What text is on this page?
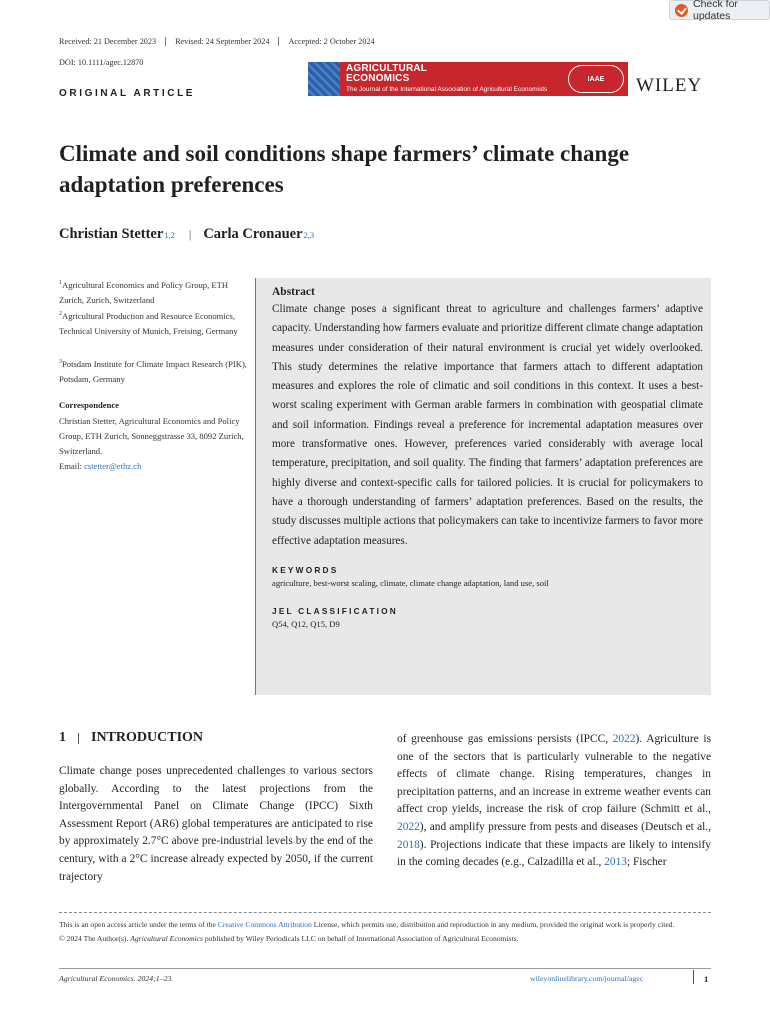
Check for updates
Received: 21 December 2023	Revised: 24 September 2024	Accepted: 2 October 2024
DOI: 10.1111/agec.12870
AGRICULTURAL
ECONOMICS
The Journal of the International Association of Agricultural Economists
IAAE	WILEY
ORIGINAL ARTICLE
Climate and soil conditions shape farmers’ climate change adaptation preferences
Christian Stetter 1,2 | Carla Cronauer 2,3
$^1$Agricultural Economics and Policy Group, ETH Zurich, Zurich, Switzerland
$^2$Agricultural Production and Resource Economics, Technical University of Munich, Freising, Germany
$^3$Potsdam Institute for Climate Impact Research (PIK), Potsdam, Germany
Correspondence
Christian Stetter, Agricultural Economics and Policy Group, ETH Zurich, Sonneggstrasse 33, 8092 Zurich, Switzerland.
Email: cstetter@ethz.ch
Abstract

Climate change poses a significant threat to agriculture and challenges farmers’ adaptive capacity. Understanding how farmers evaluate and prioritize different climate change adaptation measures under consideration of their natural environment is crucial yet widely overlooked. This study determines the relative importance that farmers attach to different adaptation measures and explores the role of climatic and soil conditions in this context. It uses a best-worst scaling experiment with German arable farmers in combination with geospatial climate and soil information. Findings reveal a preference for incremental adaptation measures over more transformative ones. However, preferences varied considerably with average local temperature, precipitation, and soil quality. The finding that farmers’ adaptation preferences are highly diverse and context-specific calls for tailored policies. It is crucial for policymakers to have a thorough understanding of farmers’ adaptation preferences. Based on the results, the study discusses multiple actions that policymakers can take to incentivize farmers to favor more effective adaptation measures.

KEYWORDS
agriculture, best-worst scaling, climate, climate change adaptation, land use, soil
JEL CLASSIFICATION
Q54, Q12, Q15, D9
1 INTRODUCTION

Climate change poses unprecedented challenges to various sectors globally. According to the latest projections from the Intergovernmental Panel on Climate Change (IPCC) Sixth Assessment Report (AR6) global temperatures are anticipated to rise by approximately 2.7°C above pre-industrial levels by the end of the century, with a 2°C increase already expected by 2050, if the current trajectory

of greenhouse gas emissions persists (IPCC, 2022). Agriculture is one of the sectors that is particularly vulnerable to the negative effects of climate change. Rising temperatures, changes in precipitation patterns, and an increase in extreme weather events can affect crop yields, increase the risk of crop failure (Schmitt et al., 2022), and amplify pressure from pests and diseases (Deutsch et al., 2018). Projections indicate that these impacts are likely to intensify in the coming decades (e.g., Calzadilla et al., 2013; Fischer

This is an open access article under the terms of the Creative Commons Attribution License, which permits use, distribution and reproduction in any medium, provided the original work is properly cited.
© 2024 The Author(s). Agricultural Economics published by Wiley Periodicals LLC on behalf of International Association of Agricultural Economists.
Agricultural Economics. 2024;1–23.	wileyonlinelibrary.com/journal/agec	1
